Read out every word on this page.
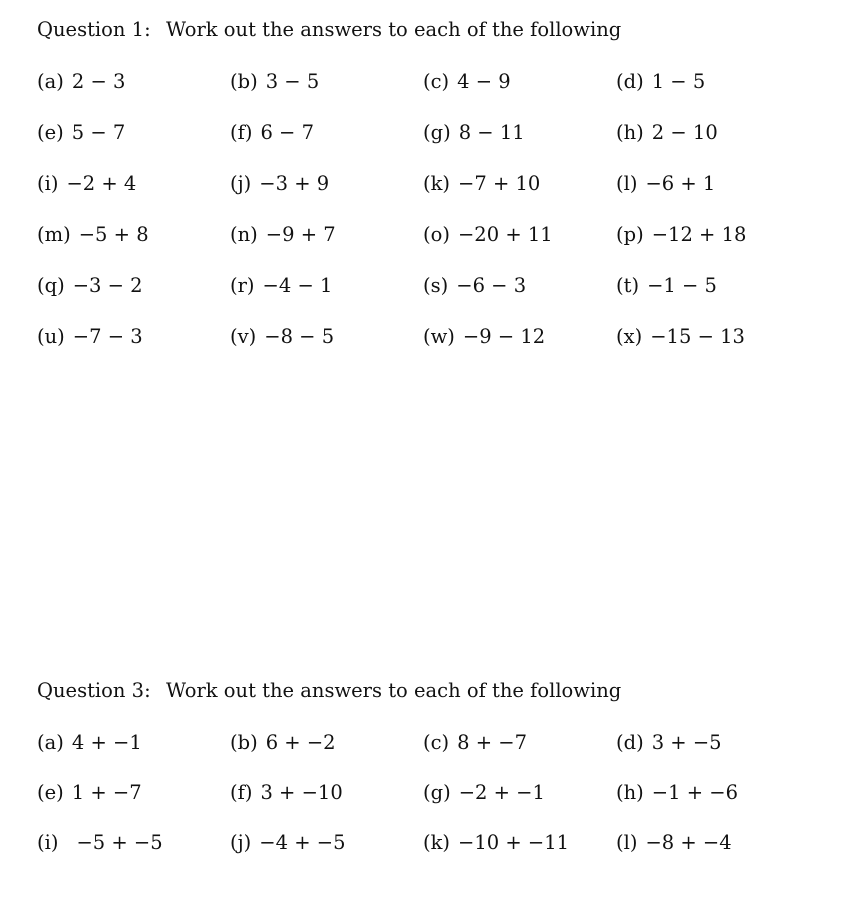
Question 1: Work out the answers to each of the following
(a) 2 − 3	(b) 3 − 5	(c) 4 − 9	(d) 1 − 5
(e) 5 − 7	(f) 6 − 7	(g) 8 − 11	(h) 2 − 10
(i) −2 + 4	(j) −3 + 9	(k) −7 + 10	(l) −6 + 1
(m) −5 + 8	(n) −9 + 7	(o) −20 + 11	(p) −12 + 18
(q) −3 − 2	(r) −4 − 1	(s) −6 − 3	(t) −1 − 5
(u) −7 − 3	(v) −8 − 5	(w) −9 − 12	(x) −15 − 13
Question 3: Work out the answers to each of the following
(a) 4 + −1	(b) 6 + −2	(c) 8 + −7	(d) 3 + −5
(e) 1 + −7	(f) 3 + −10	(g) −2 + −1	(h) −1 + −6
(i) −5 + −5	(j) −4 + −5	(k) −10 + −11	(l) −8 + −4
